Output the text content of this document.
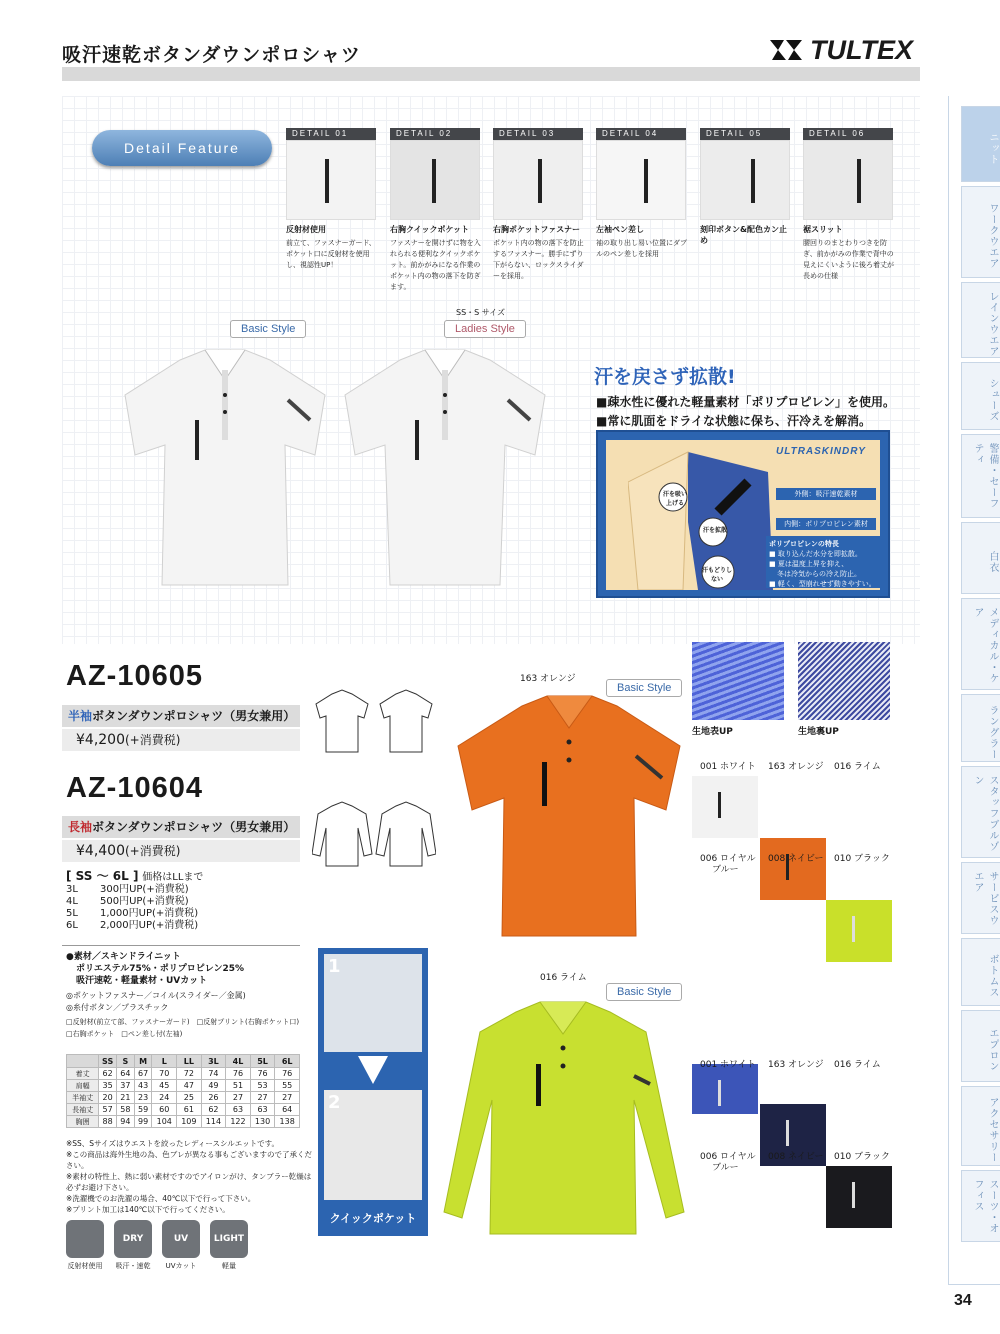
吸汗速乾ボタンダウンポロシャツ	TULTEX
Detail Feature
DETAIL 01
反射材使用
前立て、ファスナーガード、ポケット口に反射材を使用し、視認性UP！
DETAIL 02
右胸クイックポケット
ファスナーを開けずに物を入れられる便利なクイックポケット。前かがみになる作業のポケット内の物の落下を防ぎます。
DETAIL 03
右胸ポケットファスナー
ポケット内の物の落下を防止するファスナー。勝手にずり下がらない、ロックスライダーを採用。
DETAIL 04
左袖ペン差し
袖の取り出し易い位置にダブルのペン差しを採用
DETAIL 05
刻印ボタン&配色カン止め
DETAIL 06
裾スリット
腰回りのまとわりつきを防ぎ、前かがみの作業で背中の見えにくいように後ろ着丈が長めの仕様
Basic Style
SS・S サイズ
Ladies Style
汗を戻さず拡散!
■疎水性に優れた軽量素材「ポリプロピレン」を使用。
■常に肌面をドライな状態に保ち、汗冷えを解消。
汗を吸い上げる
汗を拡散
汗もどりしない
ULTRASKINDRY
外側：吸汗速乾素材
内側：ポリプロピレン素材
ポリプロピレンの特長
■ 取り込んだ水分を即拡散。
■ 夏は温度上昇を抑え、
冬は冷気からの冷え防止。
■ 軽く、型崩れせず動きやすい。
AZ-10605
半袖ボタンダウンポロシャツ（男女兼用）
¥4,200(+消費税)
AZ-10604
長袖ボタンダウンポロシャツ（男女兼用）
¥4,400(+消費税)
[ SS ～ 6L ] 価格はLLまで
3L	300円UP(+消費税)
4L	500円UP(+消費税)
5L	1,000円UP(+消費税)
6L	2,000円UP(+消費税)
●素材／スキンドライニット
ポリエステル75%・ポリプロピレン25%
吸汗速乾・軽量素材・UVカット
◎ポケットファスナー／コイル(スライダー／金属)
◎糸付ボタン／プラスチック
□反射材(前立て部、ファスナーガード)　□反射プリント(右胸ポケット口)
□右胸ポケット　□ペン差し付(左袖)
	SS	S	M	L	LL	3L	4L	5L	6L
着丈	62	64	67	70	72	74	76	76	76
肩幅	35	37	43	45	47	49	51	53	55
半袖丈	20	21	23	24	25	26	27	27	27
長袖丈	57	58	59	60	61	62	63	63	64
胸囲	88	94	99	104	109	114	122	130	138
※SS、Sサイズはウエストを絞ったレディースシルエットです。
※この商品は海外生地の為、色ブレが異なる事もございますので了承ください。
※素材の特性上、熱に弱い素材ですのでアイロンがけ、タンブラー乾燥は必ずお避け下さい。
※洗濯機でのお洗濯の場合、40℃以下で行って下さい。
※プリント加工は140℃以下で行ってください。
反射材使用
DRY
吸汗・速乾
UV
UVカット
LIGHT
軽量
1
2
クイックポケット
163 オレンジ
Basic Style
生地表UP	生地裏UP
001 ホワイト 163 オレンジ 016 ライム
006 ロイヤル
ブルー
008 ネイビー 010 ブラック
001 ホワイト 163 オレンジ 016 ライム
006 ロイヤル
ブルー
008 ネイビー 010 ブラック
016 ライム
Basic Style
ニット
ワークウエア
レインウエア
シューズ
警備・セーフティ
白衣
メディカル・ケア
ラングラー
スタッフブルゾン
サービスウエア
ボトムス
エプロン
アクセサリー
スーツ・オフィス
34
